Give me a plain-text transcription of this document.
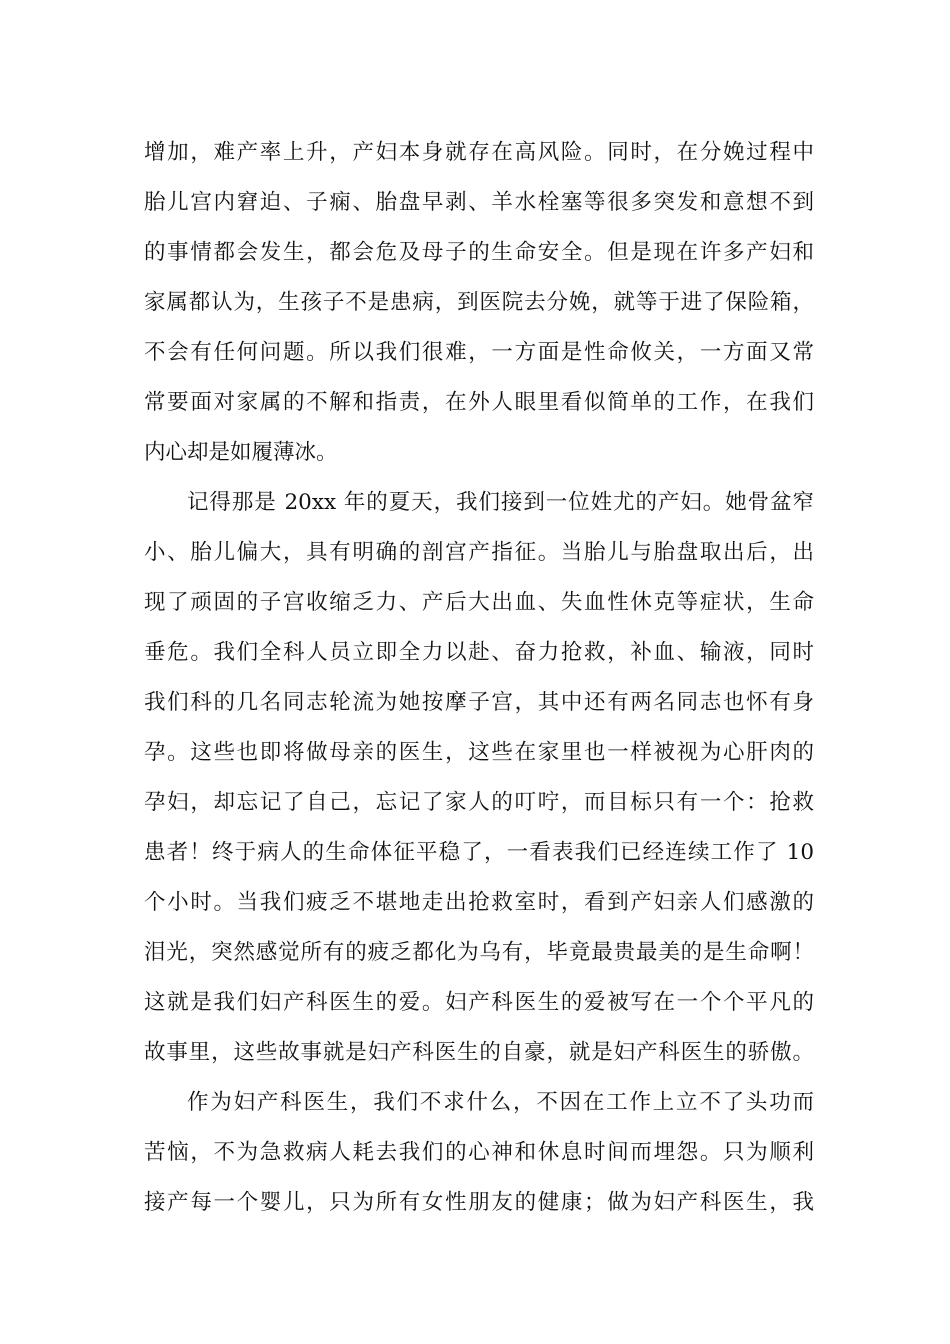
增加，难产率上升，产妇本身就存在高风险。同时，在分娩过程中
胎儿宫内窘迫、子痫、胎盘早剥、羊水栓塞等很多突发和意想不到
的事情都会发生，都会危及母子的生命安全。但是现在许多产妇和
家属都认为，生孩子不是患病，到医院去分娩，就等于进了保险箱，
不会有任何问题。所以我们很难，一方面是性命攸关，一方面又常
常要面对家属的不解和指责，在外人眼里看似简单的工作，在我们
内心却是如履薄冰。
记得那是 20xx 年的夏天，我们接到一位姓尤的产妇。她骨盆窄
小、胎儿偏大，具有明确的剖宫产指征。当胎儿与胎盘取出后，出
现了顽固的子宫收缩乏力、产后大出血、失血性休克等症状，生命
垂危。我们全科人员立即全力以赴、奋力抢救，补血、输液，同时
我们科的几名同志轮流为她按摩子宫，其中还有两名同志也怀有身
孕。这些也即将做母亲的医生，这些在家里也一样被视为心肝肉的
孕妇，却忘记了自己，忘记了家人的叮咛，而目标只有一个：抢救
患者！终于病人的生命体征平稳了，一看表我们已经连续工作了 10
个小时。当我们疲乏不堪地走出抢救室时，看到产妇亲人们感激的
泪光，突然感觉所有的疲乏都化为乌有，毕竟最贵最美的是生命啊！
这就是我们妇产科医生的爱。妇产科医生的爱被写在一个个平凡的
故事里，这些故事就是妇产科医生的自豪，就是妇产科医生的骄傲。
作为妇产科医生，我们不求什么，不因在工作上立不了头功而
苦恼，不为急救病人耗去我们的心神和休息时间而埋怨。只为顺利
接产每一个婴儿，只为所有女性朋友的健康；做为妇产科医生，我
